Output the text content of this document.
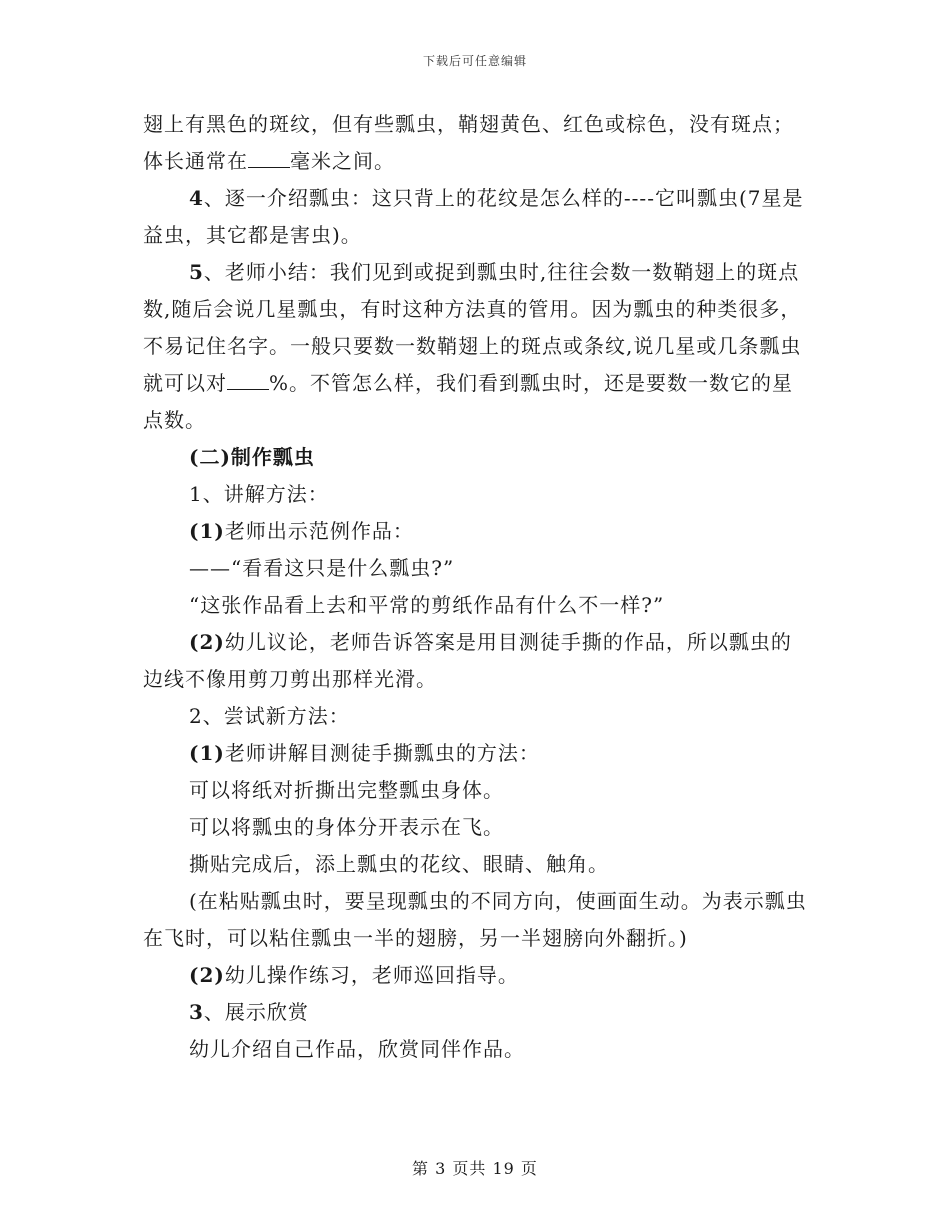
下载后可任意编辑

翅上有黑色的斑纹，但有些瓢虫，鞘翅黄色、红色或棕色，没有斑点；体长通常在 毫米之间。

4、逐一介绍瓢虫：这只背上的花纹是怎么样的----它叫瓢虫(7星是益虫，其它都是害虫)。

5、老师小结：我们见到或捉到瓢虫时,往往会数一数鞘翅上的斑点数,随后会说几星瓢虫，有时这种方法真的管用。因为瓢虫的种类很多，不易记住名字。一般只要数一数鞘翅上的斑点或条纹,说几星或几条瓢虫就可以对 %。不管怎么样，我们看到瓢虫时，还是要数一数它的星点数。

(二)制作瓢虫

1、讲解方法：

(1)老师出示范例作品：

——“看看这只是什么瓢虫?”

“这张作品看上去和平常的剪纸作品有什么不一样?”

(2)幼儿议论，老师告诉答案是用目测徒手撕的作品，所以瓢虫的边线不像用剪刀剪出那样光滑。

2、尝试新方法：

(1)老师讲解目测徒手撕瓢虫的方法：

可以将纸对折撕出完整瓢虫身体。

可以将瓢虫的身体分开表示在飞。

撕贴完成后，添上瓢虫的花纹、眼睛、触角。

(在粘贴瓢虫时，要呈现瓢虫的不同方向，使画面生动。为表示瓢虫在飞时，可以粘住瓢虫一半的翅膀，另一半翅膀向外翻折。)

(2)幼儿操作练习，老师巡回指导。

3、展示欣赏

幼儿介绍自己作品，欣赏同伴作品。

第 3 页共 19 页
